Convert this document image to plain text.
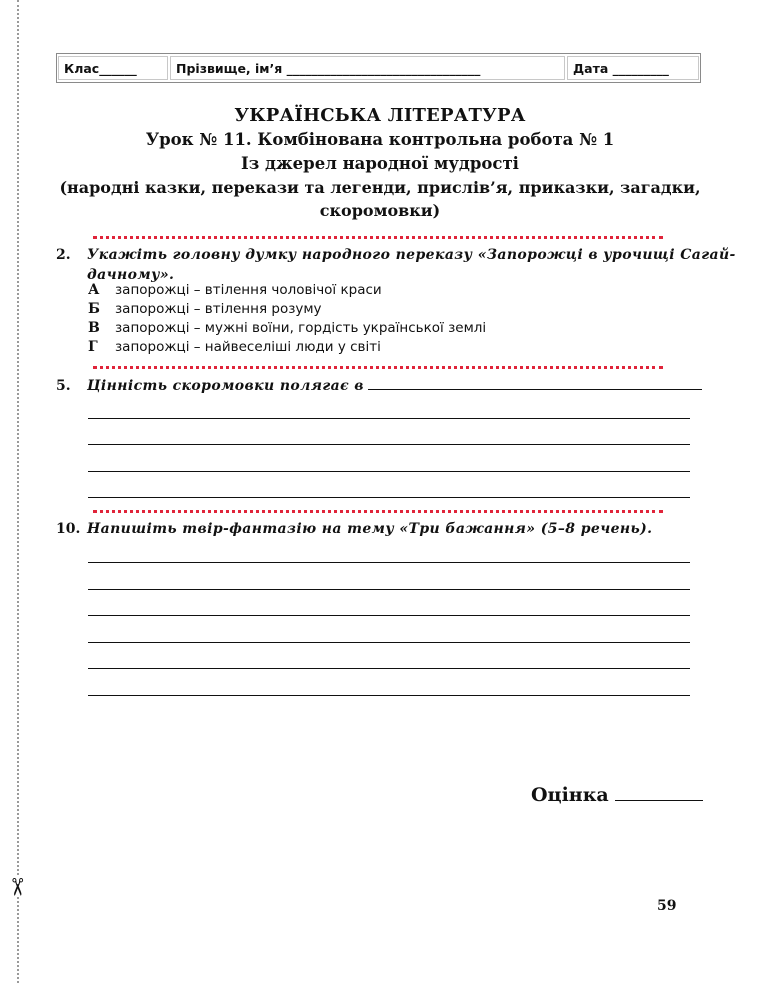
✂
Клас______	Прізвище, ім’я _______________________________	Дата _________
УКРАЇНСЬКА ЛІТЕРАТУРА
Урок № 11. Комбінована контрольна робота № 1
Із джерел народної мудрості
(народні казки, перекази та легенди, прислів’я, приказки, загадки,
скоромовки)
2. Укажіть головну думку народного переказу «Запорожці в урочищі Сагай-
дачному».
А	запорожці – втілення чоловічої краси
Б	запорожці – втілення розуму
В	запорожці – мужні воїни, гордість української землі
Г	запорожці – найвеселіші люди у світі
5. Цінність скоромовки полягає в
10. Напишіть твір-фантазію на тему «Три бажання» (5–8 речень).
Оцінка
59
